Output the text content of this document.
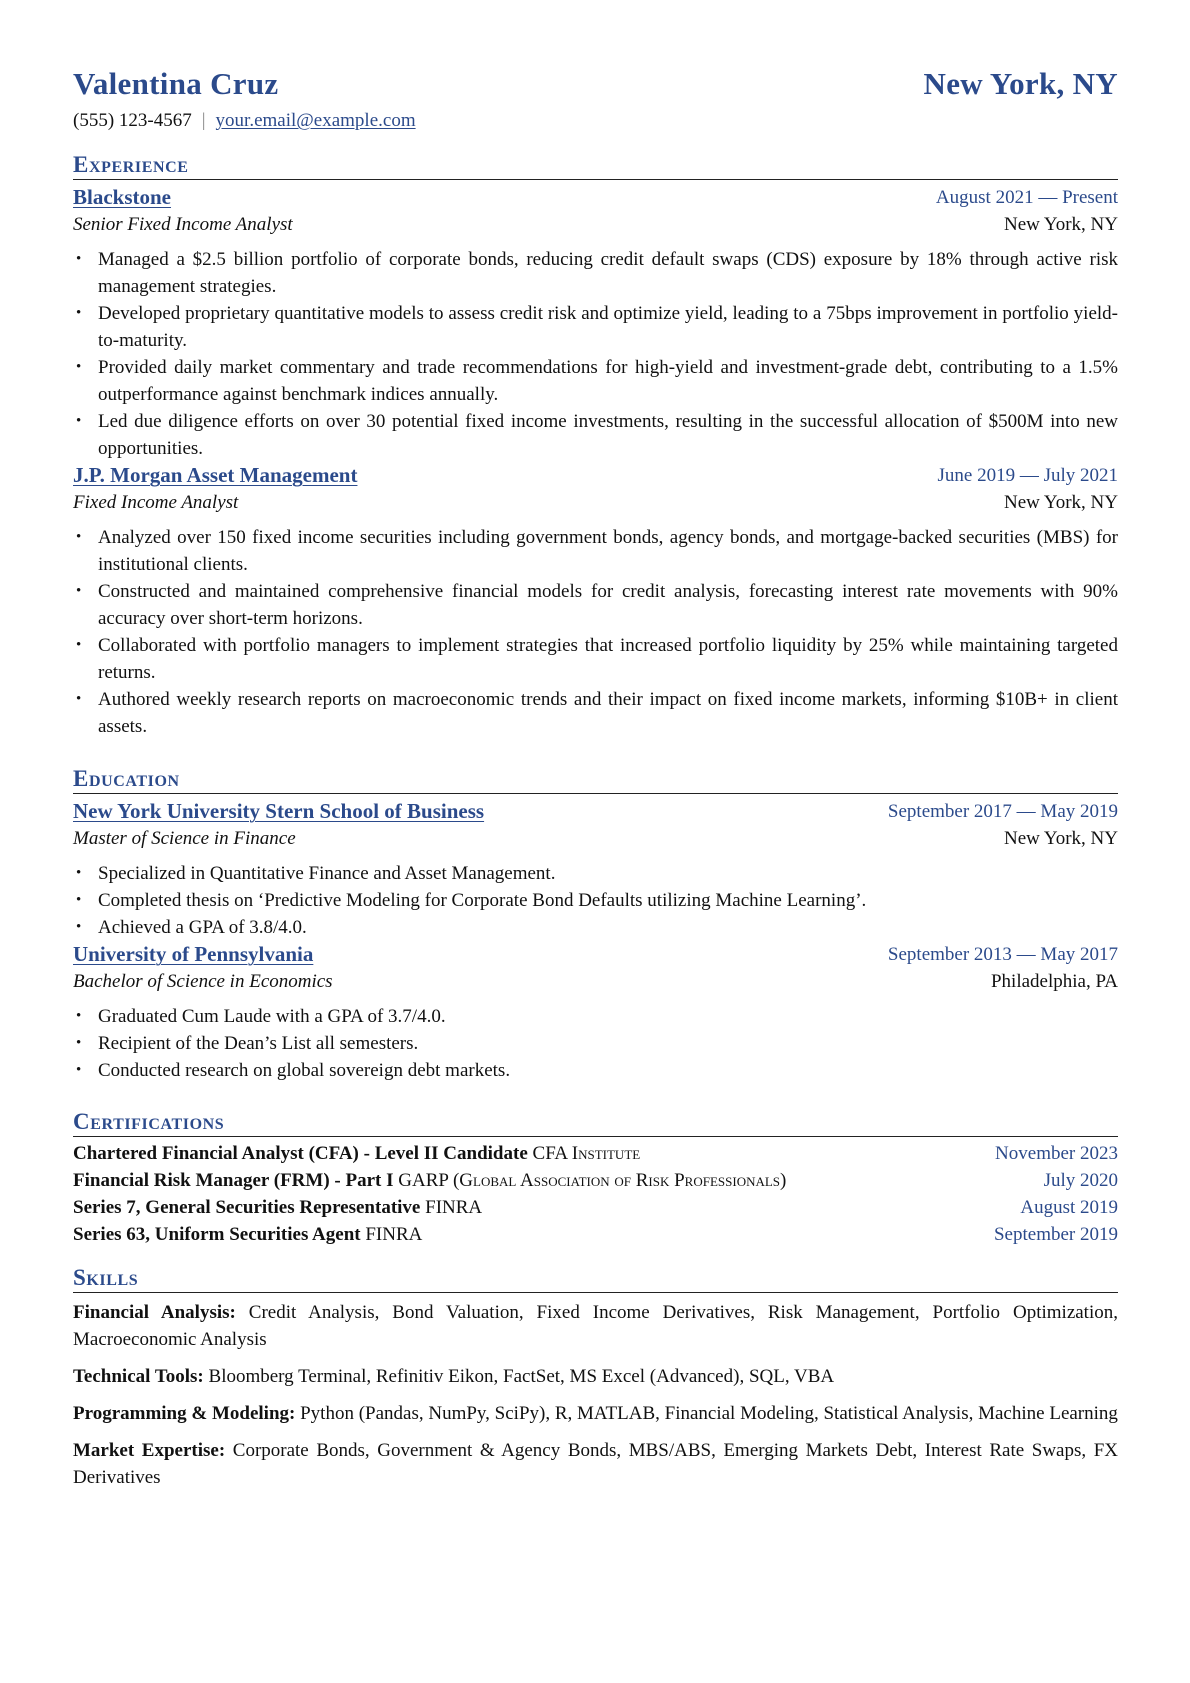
Valentina Cruz	New York, NY
(555) 123-4567 | your.email@example.com
Experience
Blackstone	August 2021 — Present
Senior Fixed Income Analyst	New York, NY
• Managed a $2.5 billion portfolio of corporate bonds, reducing credit default swaps (CDS) exposure by 18% through active risk management strategies.
• Developed proprietary quantitative models to assess credit risk and optimize yield, leading to a 75bps improvement in portfolio yield-to-maturity.
• Provided daily market commentary and trade recommendations for high-yield and investment-grade debt, contributing to a 1.5% outperformance against benchmark indices annually.
• Led due diligence efforts on over 30 potential fixed income investments, resulting in the successful allocation of $500M into new opportunities.
J.P. Morgan Asset Management	June 2019 — July 2021
Fixed Income Analyst	New York, NY
• Analyzed over 150 fixed income securities including government bonds, agency bonds, and mortgage-backed securities (MBS) for institutional clients.
• Constructed and maintained comprehensive financial models for credit analysis, forecasting interest rate movements with 90% accuracy over short-term horizons.
• Collaborated with portfolio managers to implement strategies that increased portfolio liquidity by 25% while maintaining targeted returns.
• Authored weekly research reports on macroeconomic trends and their impact on fixed income markets, informing $10B+ in client assets.
Education
New York University Stern School of Business	September 2017 — May 2019
Master of Science in Finance	New York, NY
• Specialized in Quantitative Finance and Asset Management.
• Completed thesis on ‘Predictive Modeling for Corporate Bond Defaults utilizing Machine Learning’.
• Achieved a GPA of 3.8/4.0.
University of Pennsylvania	September 2013 — May 2017
Bachelor of Science in Economics	Philadelphia, PA
• Graduated Cum Laude with a GPA of 3.7/4.0.
• Recipient of the Dean’s List all semesters.
• Conducted research on global sovereign debt markets.
Certifications
Chartered Financial Analyst (CFA) - Level II Candidate CFA Institute	November 2023
Financial Risk Manager (FRM) - Part I GARP (Global Association of Risk Professionals)	July 2020
Series 7, General Securities Representative FINRA	August 2019
Series 63, Uniform Securities Agent FINRA	September 2019
Skills
Financial Analysis: Credit Analysis, Bond Valuation, Fixed Income Derivatives, Risk Management, Portfolio Optimization, Macroeconomic Analysis
Technical Tools: Bloomberg Terminal, Refinitiv Eikon, FactSet, MS Excel (Advanced), SQL, VBA
Programming & Modeling: Python (Pandas, NumPy, SciPy), R, MATLAB, Financial Modeling, Statistical Analysis, Machine Learning
Market Expertise: Corporate Bonds, Government & Agency Bonds, MBS/ABS, Emerging Markets Debt, Interest Rate Swaps, FX Derivatives
